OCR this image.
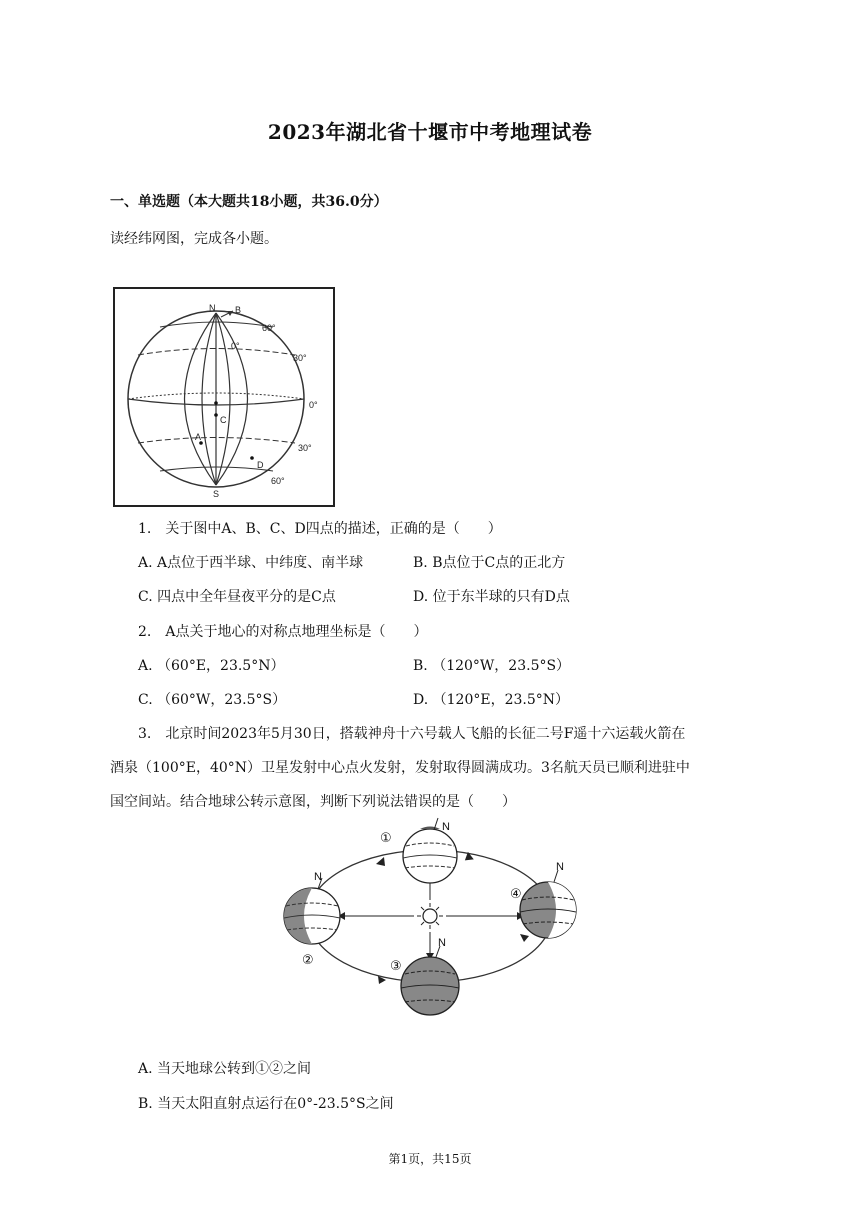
2023年湖北省十堰市中考地理试卷
一、单选题（本大题共18小题，共36.0分）
读经纬网图，完成各小题。
N B
60°
0°
30°
0°
C
A
30°
D
60°
S
1.　关于图中A、B、C、D四点的描述，正确的是（　　）
A. A点位于西半球、中纬度、南半球	B. B点位于C点的正北方
C. 四点中全年昼夜平分的是C点	D. 位于东半球的只有D点
2.　A点关于地心的对称点地理坐标是（　　）
A. （60°E，23.5°N）	B. （120°W，23.5°S）
C. （60°W，23.5°S）	D. （120°E，23.5°N）
3.　北京时间2023年5月30日，搭载神舟十六号载人飞船的长征二号F遥十六运载火箭在
酒泉（100°E，40°N）卫星发射中心点火发射，发射取得圆满成功。3名航天员已顺利进驻中
国空间站。结合地球公转示意图，判断下列说法错误的是（　　）
N
N
N
N
①
②	③
④
A. 当天地球公转到①②之间
B. 当天太阳直射点运行在0°-23.5°S之间
第1页，共15页
